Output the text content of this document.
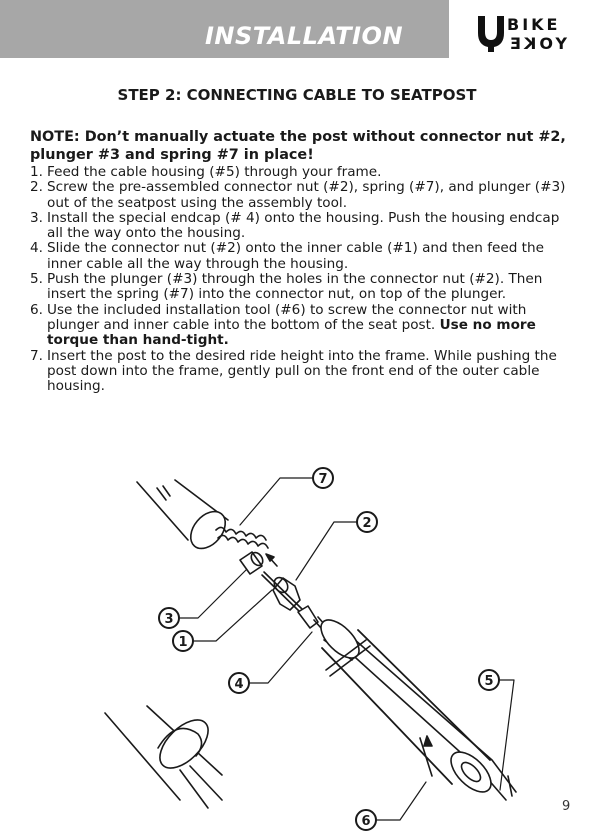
INSTALLATION	BIKE
YOKE
STEP 2: CONNECTING CABLE TO SEATPOST
NOTE: Don’t manually actuate the post without connector nut #2, plunger #3 and spring #7 in place!
1. Feed the cable housing (#5) through your frame.
2. Screw the pre-assembled connector nut (#2), spring (#7), and plunger (#3) out of the seatpost using the assembly tool.
3. Install the special endcap (# 4) onto the housing. Push the housing endcap all the way onto the housing.
4. Slide the connector nut (#2) onto the inner cable (#1) and then feed the inner cable all the way through the housing.
5. Push the plunger (#3) through the holes in the connector nut (#2). Then insert the spring (#7) into the connector nut, on top of the plunger.
6. Use the included installation tool (#6) to screw the connector nut with plunger and inner cable into the bottom of the seat post. Use no more torque than hand-tight.
7. Insert the post to the desired ride height into the frame. While pushing the post down into the frame, gently pull on the front end of the outer cable housing.
7
2
3
1
4	5
6
9
